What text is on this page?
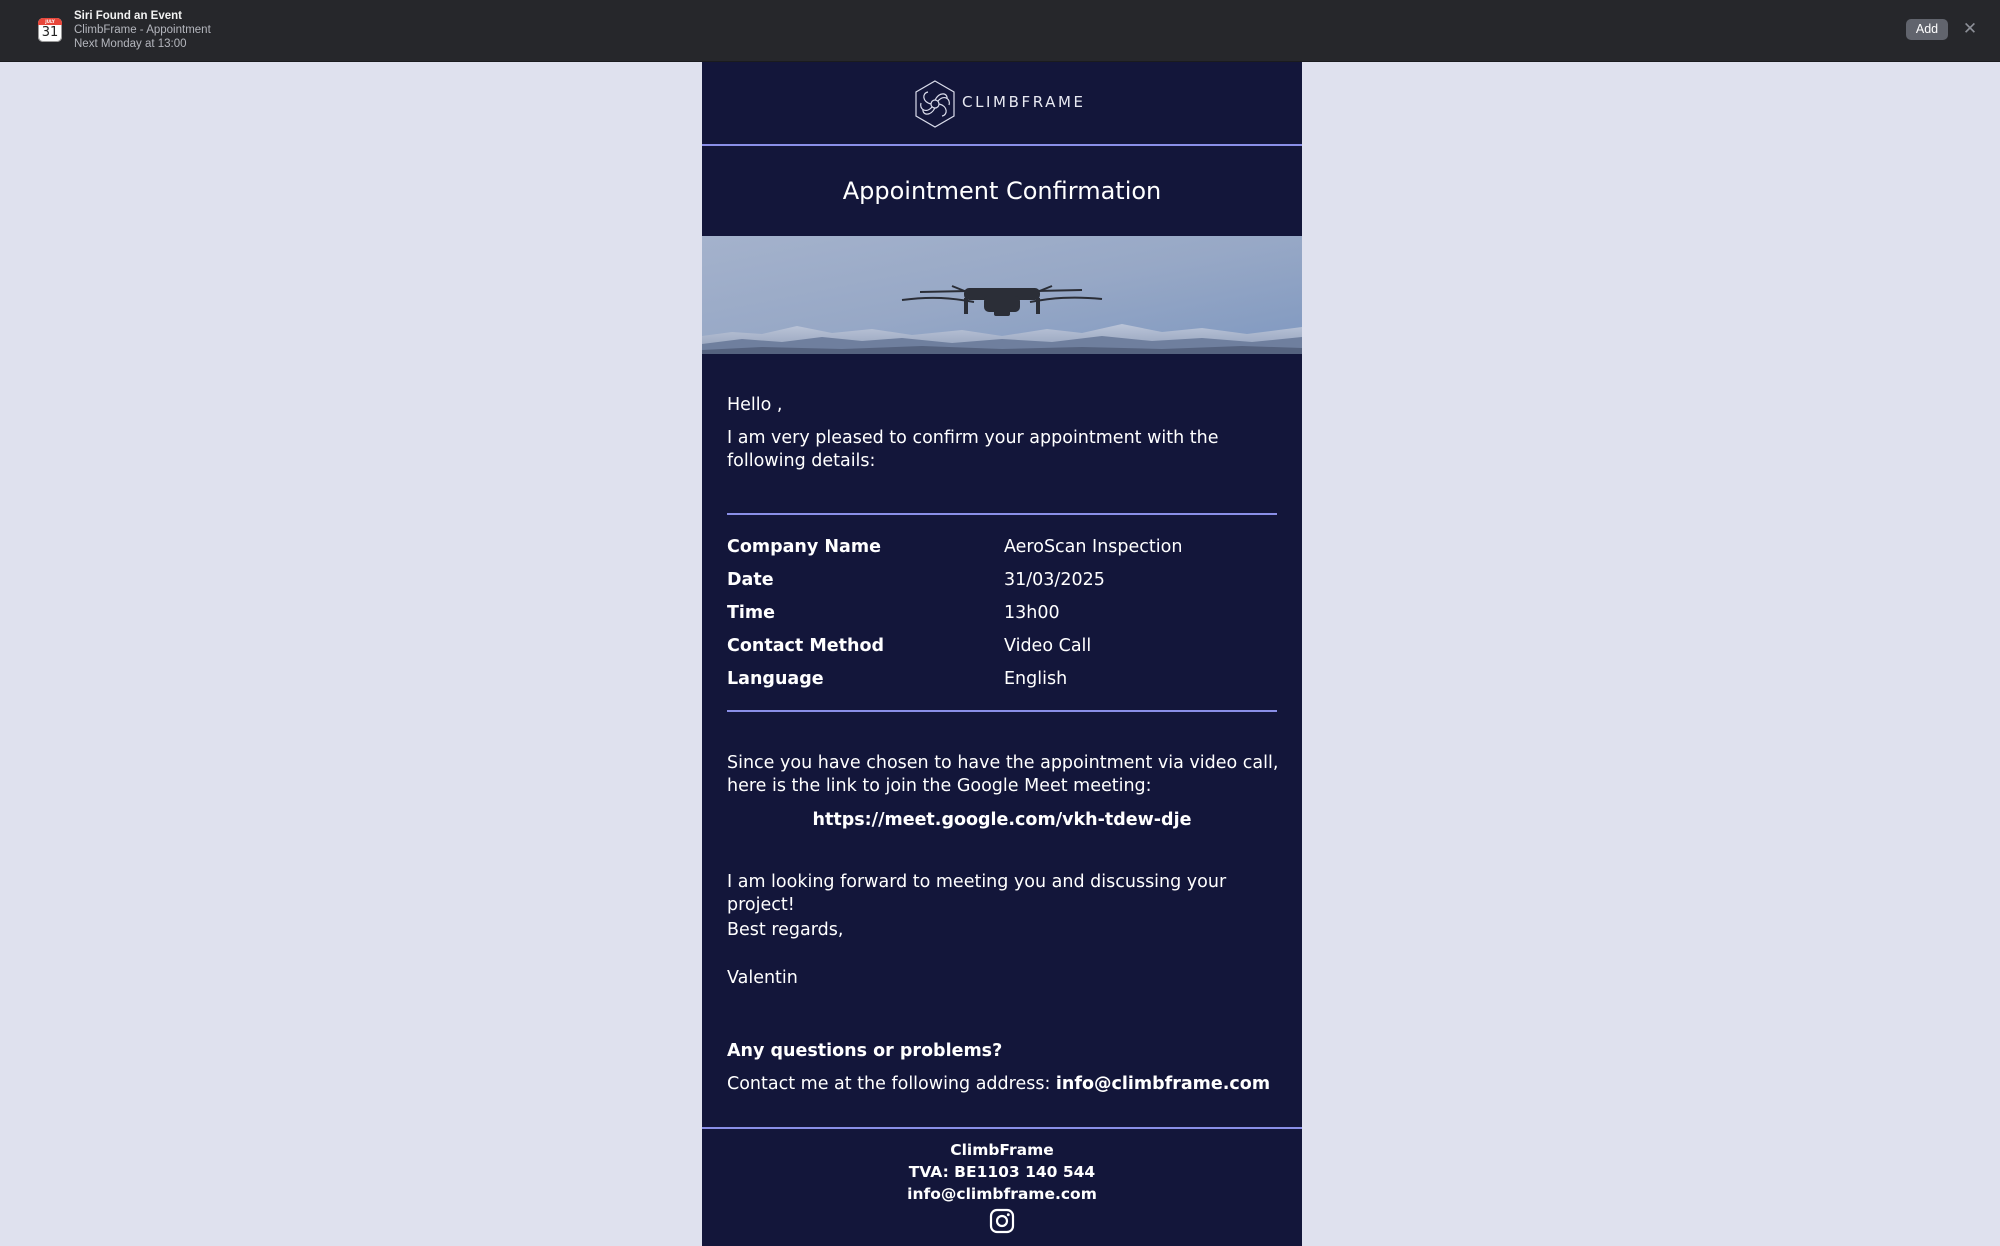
JULY
31
Siri Found an Event
ClimbFrame - Appointment
Next Monday at 13:00
Add	✕
CLIMBFRAME
Appointment Confirmation
Hello ,
I am very pleased to confirm your appointment with the following details:
Company Name	AeroScan Inspection
Date	31/03/2025
Time	13h00
Contact Method	Video Call
Language	English
Since you have chosen to have the appointment via video call, here is the link to join the Google Meet meeting:
https://meet.google.com/vkh-tdew-dje
I am looking forward to meeting you and discussing your project!
Best regards,
Valentin
Any questions or problems?
Contact me at the following address: info@climbframe.com
ClimbFrame
TVA: BE1103 140 544
info@climbframe.com
